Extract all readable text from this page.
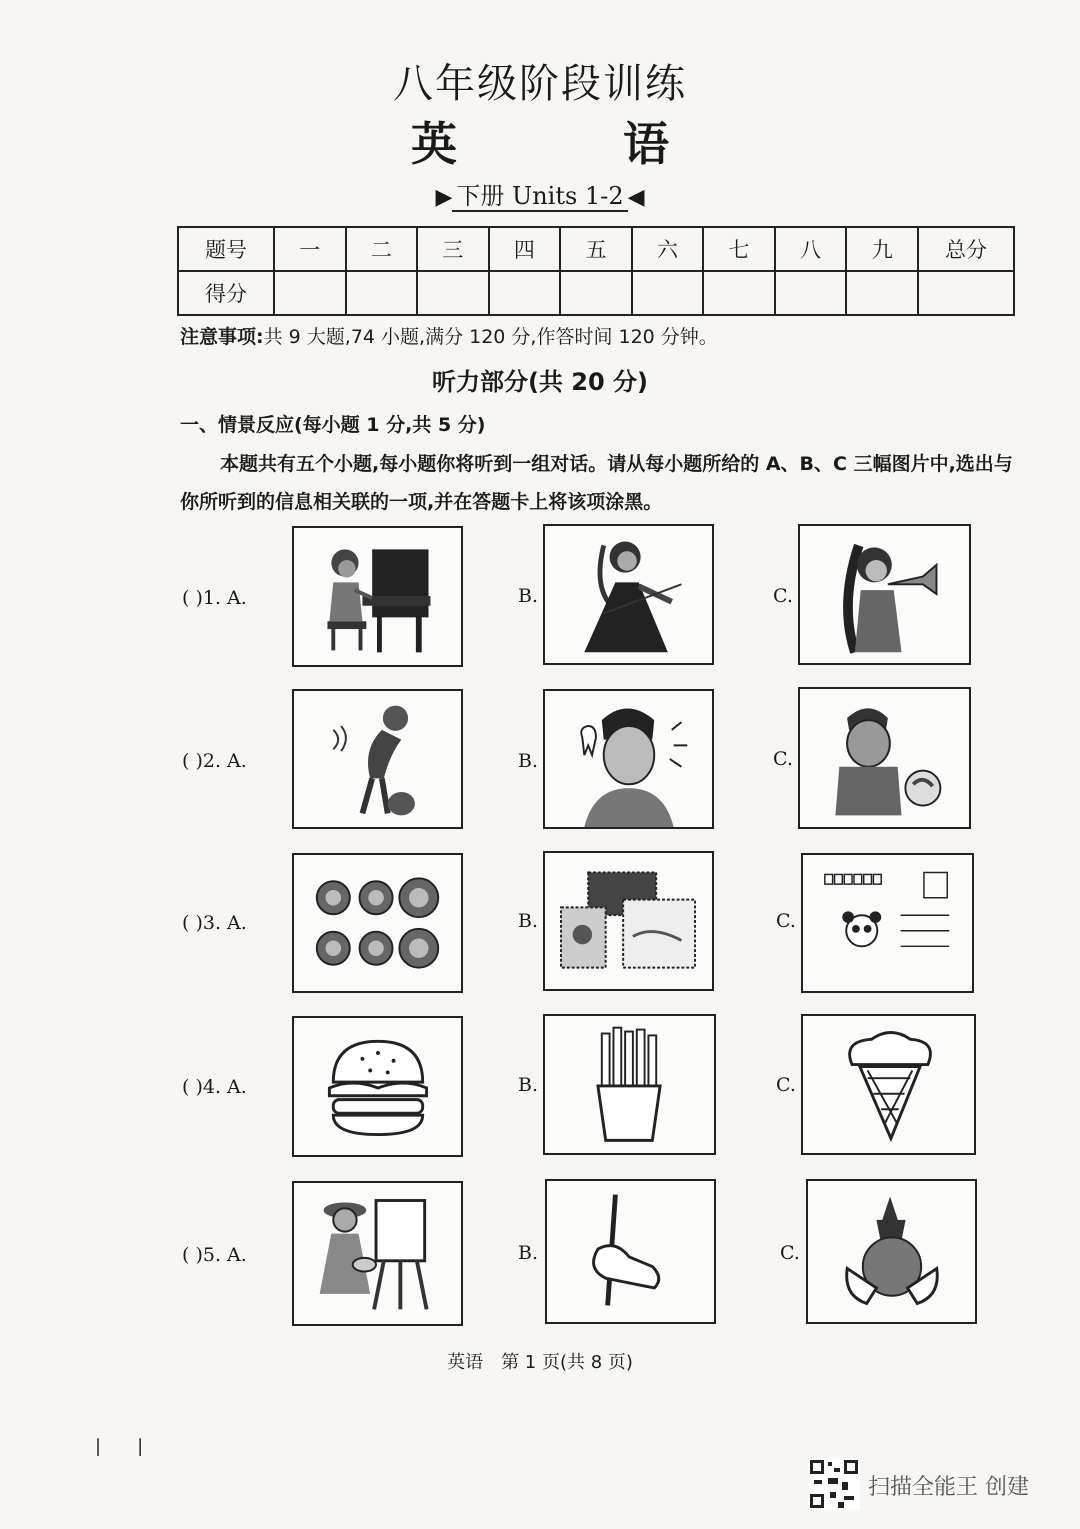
八年级阶段训练
英　语
▶ 下册 Units 1-2 ◀
题号	一	二	三	四	五	六	七	八	九	总分
得分										
注意事项:共 9 大题,74 小题,满分 120 分,作答时间 120 分钟。
听力部分(共 20 分)
一、情景反应(每小题 1 分,共 5 分)
本题共有五个小题,每小题你将听到一组对话。请从每小题所给的 A、B、C 三幅图片中,选出与你所听到的信息相关联的一项,并在答题卡上将该项涂黑。
( )1. A.	B.	C.
( )2. A.	B.	C.
( )3. A.	B.	C.
( )4. A.	B.	C.
( )5. A.	B.	C.
英语　第 1 页(共 8 页)
|　　|
扫描全能王 创建
